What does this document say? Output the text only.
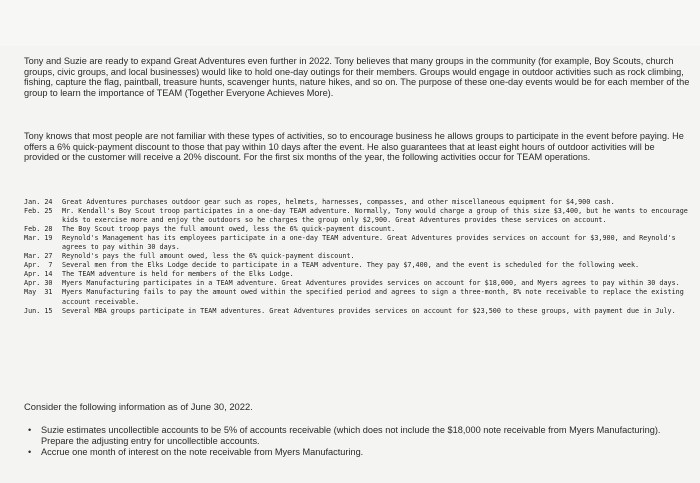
Tony and Suzie are ready to expand Great Adventures even further in 2022. Tony believes that many groups in the community (for example, Boy Scouts, church groups, civic groups, and local businesses) would like to hold one-day outings for their members. Groups would engage in outdoor activities such as rock climbing, fishing, capture the flag, paintball, treasure hunts, scavenger hunts, nature hikes, and so on. The purpose of these one-day events would be for each member of the group to learn the importance of TEAM (Together Everyone Achieves More).

Tony knows that most people are not familiar with these types of activities, so to encourage business he allows groups to participate in the event before paying. He offers a 6% quick-payment discount to those that pay within 10 days after the event. He also guarantees that at least eight hours of outdoor activities will be provided or the customer will receive a 20% discount. For the first six months of the year, the following activities occur for TEAM operations.

Jan. 24	Great Adventures purchases outdoor gear such as ropes, helmets, harnesses, compasses, and other miscellaneous equipment for $4,900 cash.
Feb. 25	Mr. Kendall's Boy Scout troop participates in a one-day TEAM adventure. Normally, Tony would charge a group of this size $3,400, but he wants to encourage kids to exercise more and enjoy the outdoors so he charges the group only $2,900. Great Adventures provides these services on account.
Feb. 28	The Boy Scout troop pays the full amount owed, less the 6% quick-payment discount.
Mar. 19	Reynold's Management has its employees participate in a one-day TEAM adventure. Great Adventures provides services on account for $3,900, and Reynold's agrees to pay within 30 days.
Mar. 27	Reynold's pays the full amount owed, less the 6% quick-payment discount.
Apr.  7	Several men from the Elks Lodge decide to participate in a TEAM adventure. They pay $7,400, and the event is scheduled for the following week.
Apr. 14	The TEAM adventure is held for members of the Elks Lodge.
Apr. 30	Myers Manufacturing participates in a TEAM adventure. Great Adventures provides services on account for $18,000, and Myers agrees to pay within 30 days.
May  31	Myers Manufacturing fails to pay the amount owed within the specified period and agrees to sign a three-month, 8% note receivable to replace the existing account receivable.
Jun. 15	Several MBA groups participate in TEAM adventures. Great Adventures provides services on account for $23,500 to these groups, with payment due in July.
Consider the following information as of June 30, 2022.
•	Suzie estimates uncollectible accounts to be 5% of accounts receivable (which does not include the $18,000 note receivable from Myers Manufacturing). Prepare the adjusting entry for uncollectible accounts.
•	Accrue one month of interest on the note receivable from Myers Manufacturing.
